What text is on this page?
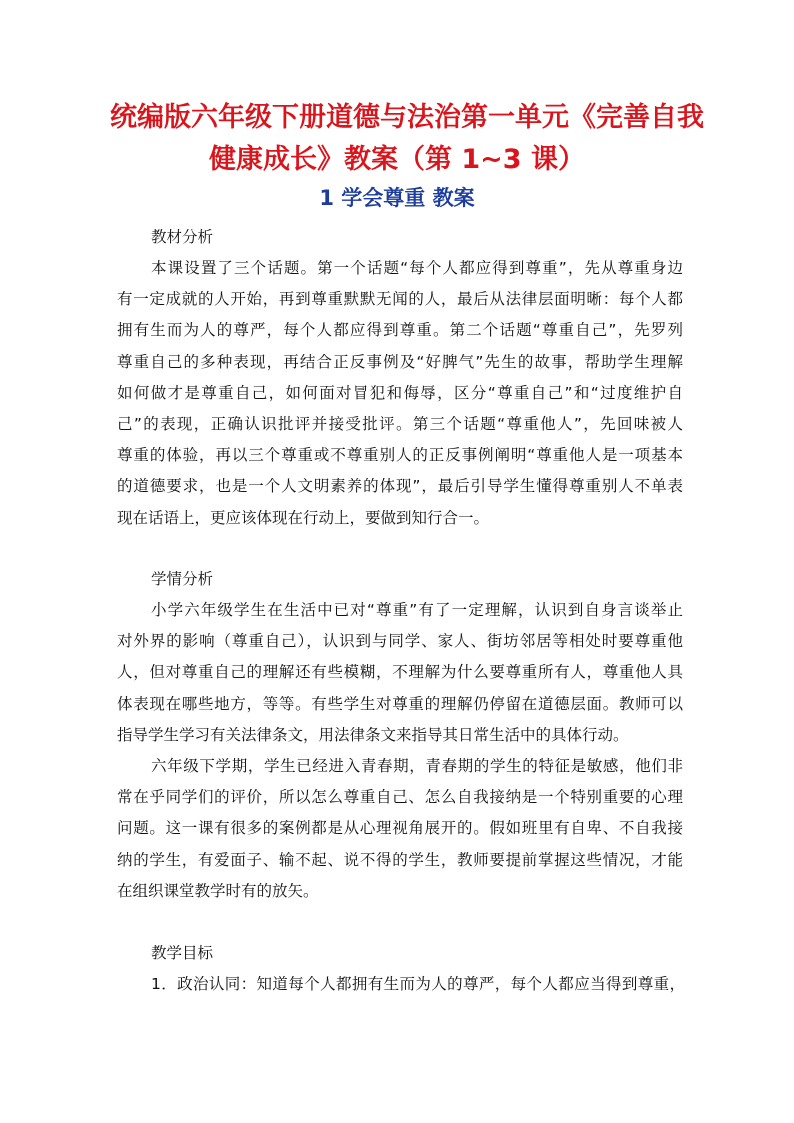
统编版六年级下册道德与法治第一单元《完善自我
健康成长》教案（第 1~3 课）
1 学会尊重 教案
教材分析
本课设置了三个话题。第一个话题“每个人都应得到尊重”，先从尊重身边
有一定成就的人开始，再到尊重默默无闻的人，最后从法律层面明晰：每个人都
拥有生而为人的尊严，每个人都应得到尊重。第二个话题“尊重自己”，先罗列
尊重自己的多种表现，再结合正反事例及“好脾气”先生的故事，帮助学生理解
如何做才是尊重自己，如何面对冒犯和侮辱，区分“尊重自己”和“过度维护自
己”的表现，正确认识批评并接受批评。第三个话题“尊重他人”，先回味被人
尊重的体验，再以三个尊重或不尊重别人的正反事例阐明“尊重他人是一项基本
的道德要求，也是一个人文明素养的体现”，最后引导学生懂得尊重别人不单表
现在话语上，更应该体现在行动上，要做到知行合一。
学情分析
小学六年级学生在生活中已对“尊重”有了一定理解，认识到自身言谈举止
对外界的影响（尊重自己），认识到与同学、家人、街坊邻居等相处时要尊重他
人，但对尊重自己的理解还有些模糊，不理解为什么要尊重所有人，尊重他人具
体表现在哪些地方，等等。有些学生对尊重的理解仍停留在道德层面。教师可以
指导学生学习有关法律条文，用法律条文来指导其日常生活中的具体行动。
六年级下学期，学生已经进入青春期，青春期的学生的特征是敏感，他们非
常在乎同学们的评价，所以怎么尊重自己、怎么自我接纳是一个特别重要的心理
问题。这一课有很多的案例都是从心理视角展开的。假如班里有自卑、不自我接
纳的学生，有爱面子、输不起、说不得的学生，教师要提前掌握这些情况，才能
在组织课堂教学时有的放矢。
教学目标
1．政治认同：知道每个人都拥有生而为人的尊严，每个人都应当得到尊重，
